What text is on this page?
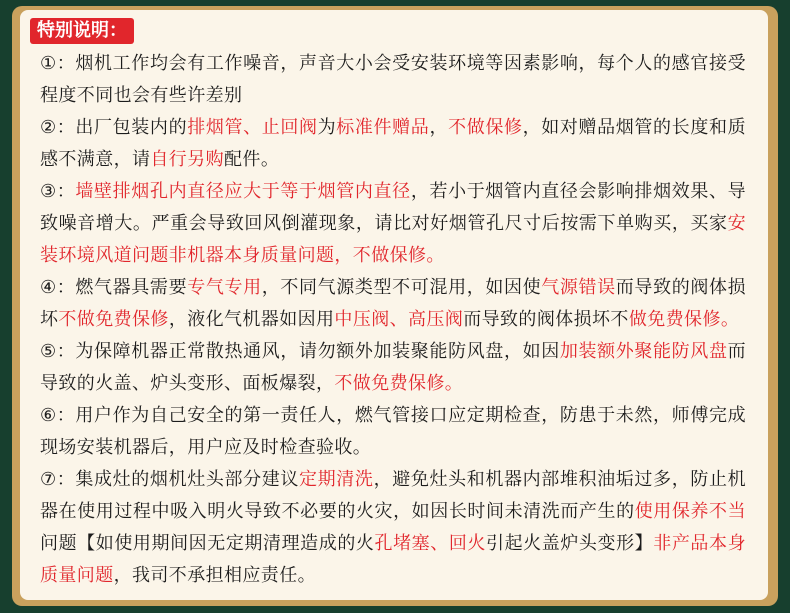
特别说明：

①：烟机工作均会有工作噪音，声音大小会受安装环境等因素影响，每个人的感官接受程度不同也会有些许差别

②：出厂包装内的排烟管、止回阀为标准件赠品，不做保修，如对赠品烟管的长度和质感不满意，请自行另购配件。

③：墙壁排烟孔内直径应大于等于烟管内直径，若小于烟管内直径会影响排烟效果、导致噪音增大。严重会导致回风倒灌现象，请比对好烟管孔尺寸后按需下单购买，买家安装环境风道问题非机器本身质量问题，不做保修。

④：燃气器具需要专气专用，不同气源类型不可混用，如因使气源错误而导致的阀体损坏不做免费保修，液化气机器如因用中压阀、高压阀而导致的阀体损坏不做免费保修。

⑤：为保障机器正常散热通风，请勿额外加装聚能防风盘，如因加装额外聚能防风盘而导致的火盖、炉头变形、面板爆裂，不做免费保修。

⑥：用户作为自己安全的第一责任人，燃气管接口应定期检查，防患于未然，师傅完成现场安装机器后，用户应及时检查验收。

⑦：集成灶的烟机灶头部分建议定期清洗，避免灶头和机器内部堆积油垢过多，防止机器在使用过程中吸入明火导致不必要的火灾，如因长时间未清洗而产生的使用保养不当问题【如使用期间因无定期清理造成的火孔堵塞、回火引起火盖炉头变形】非产品本身质量问题，我司不承担相应责任。
